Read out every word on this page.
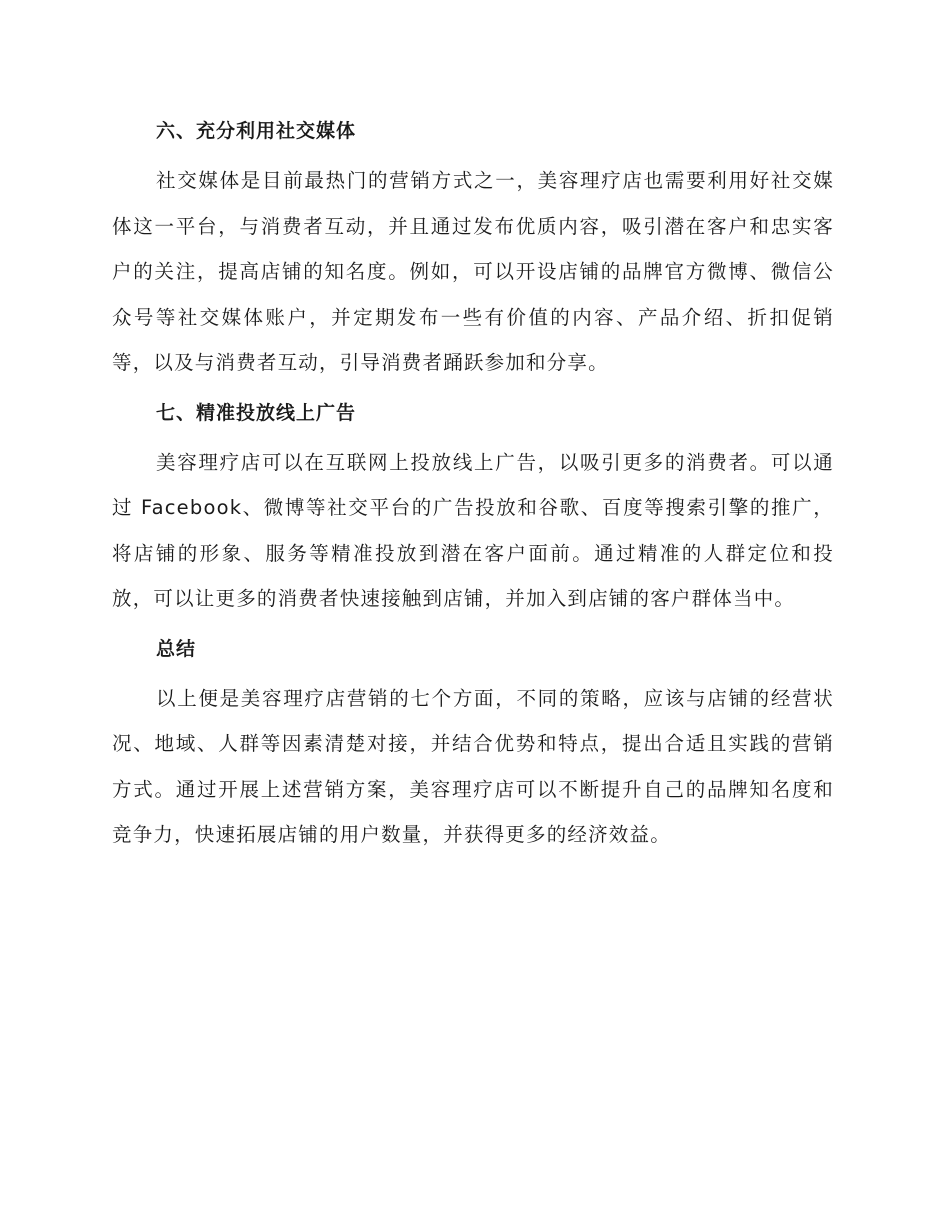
六、充分利用社交媒体

社交媒体是目前最热门的营销方式之一，美容理疗店也需要利用好社交媒体这一平台，与消费者互动，并且通过发布优质内容，吸引潜在客户和忠实客户的关注，提高店铺的知名度。例如，可以开设店铺的品牌官方微博、微信公众号等社交媒体账户，并定期发布一些有价值的内容、产品介绍、折扣促销等，以及与消费者互动，引导消费者踊跃参加和分享。

七、精准投放线上广告

美容理疗店可以在互联网上投放线上广告，以吸引更多的消费者。可以通过 Facebook、微博等社交平台的广告投放和谷歌、百度等搜索引擎的推广，将店铺的形象、服务等精准投放到潜在客户面前。通过精准的人群定位和投放，可以让更多的消费者快速接触到店铺，并加入到店铺的客户群体当中。

总结

以上便是美容理疗店营销的七个方面，不同的策略，应该与店铺的经营状况、地域、人群等因素清楚对接，并结合优势和特点，提出合适且实践的营销方式。通过开展上述营销方案，美容理疗店可以不断提升自己的品牌知名度和竞争力，快速拓展店铺的用户数量，并获得更多的经济效益。
